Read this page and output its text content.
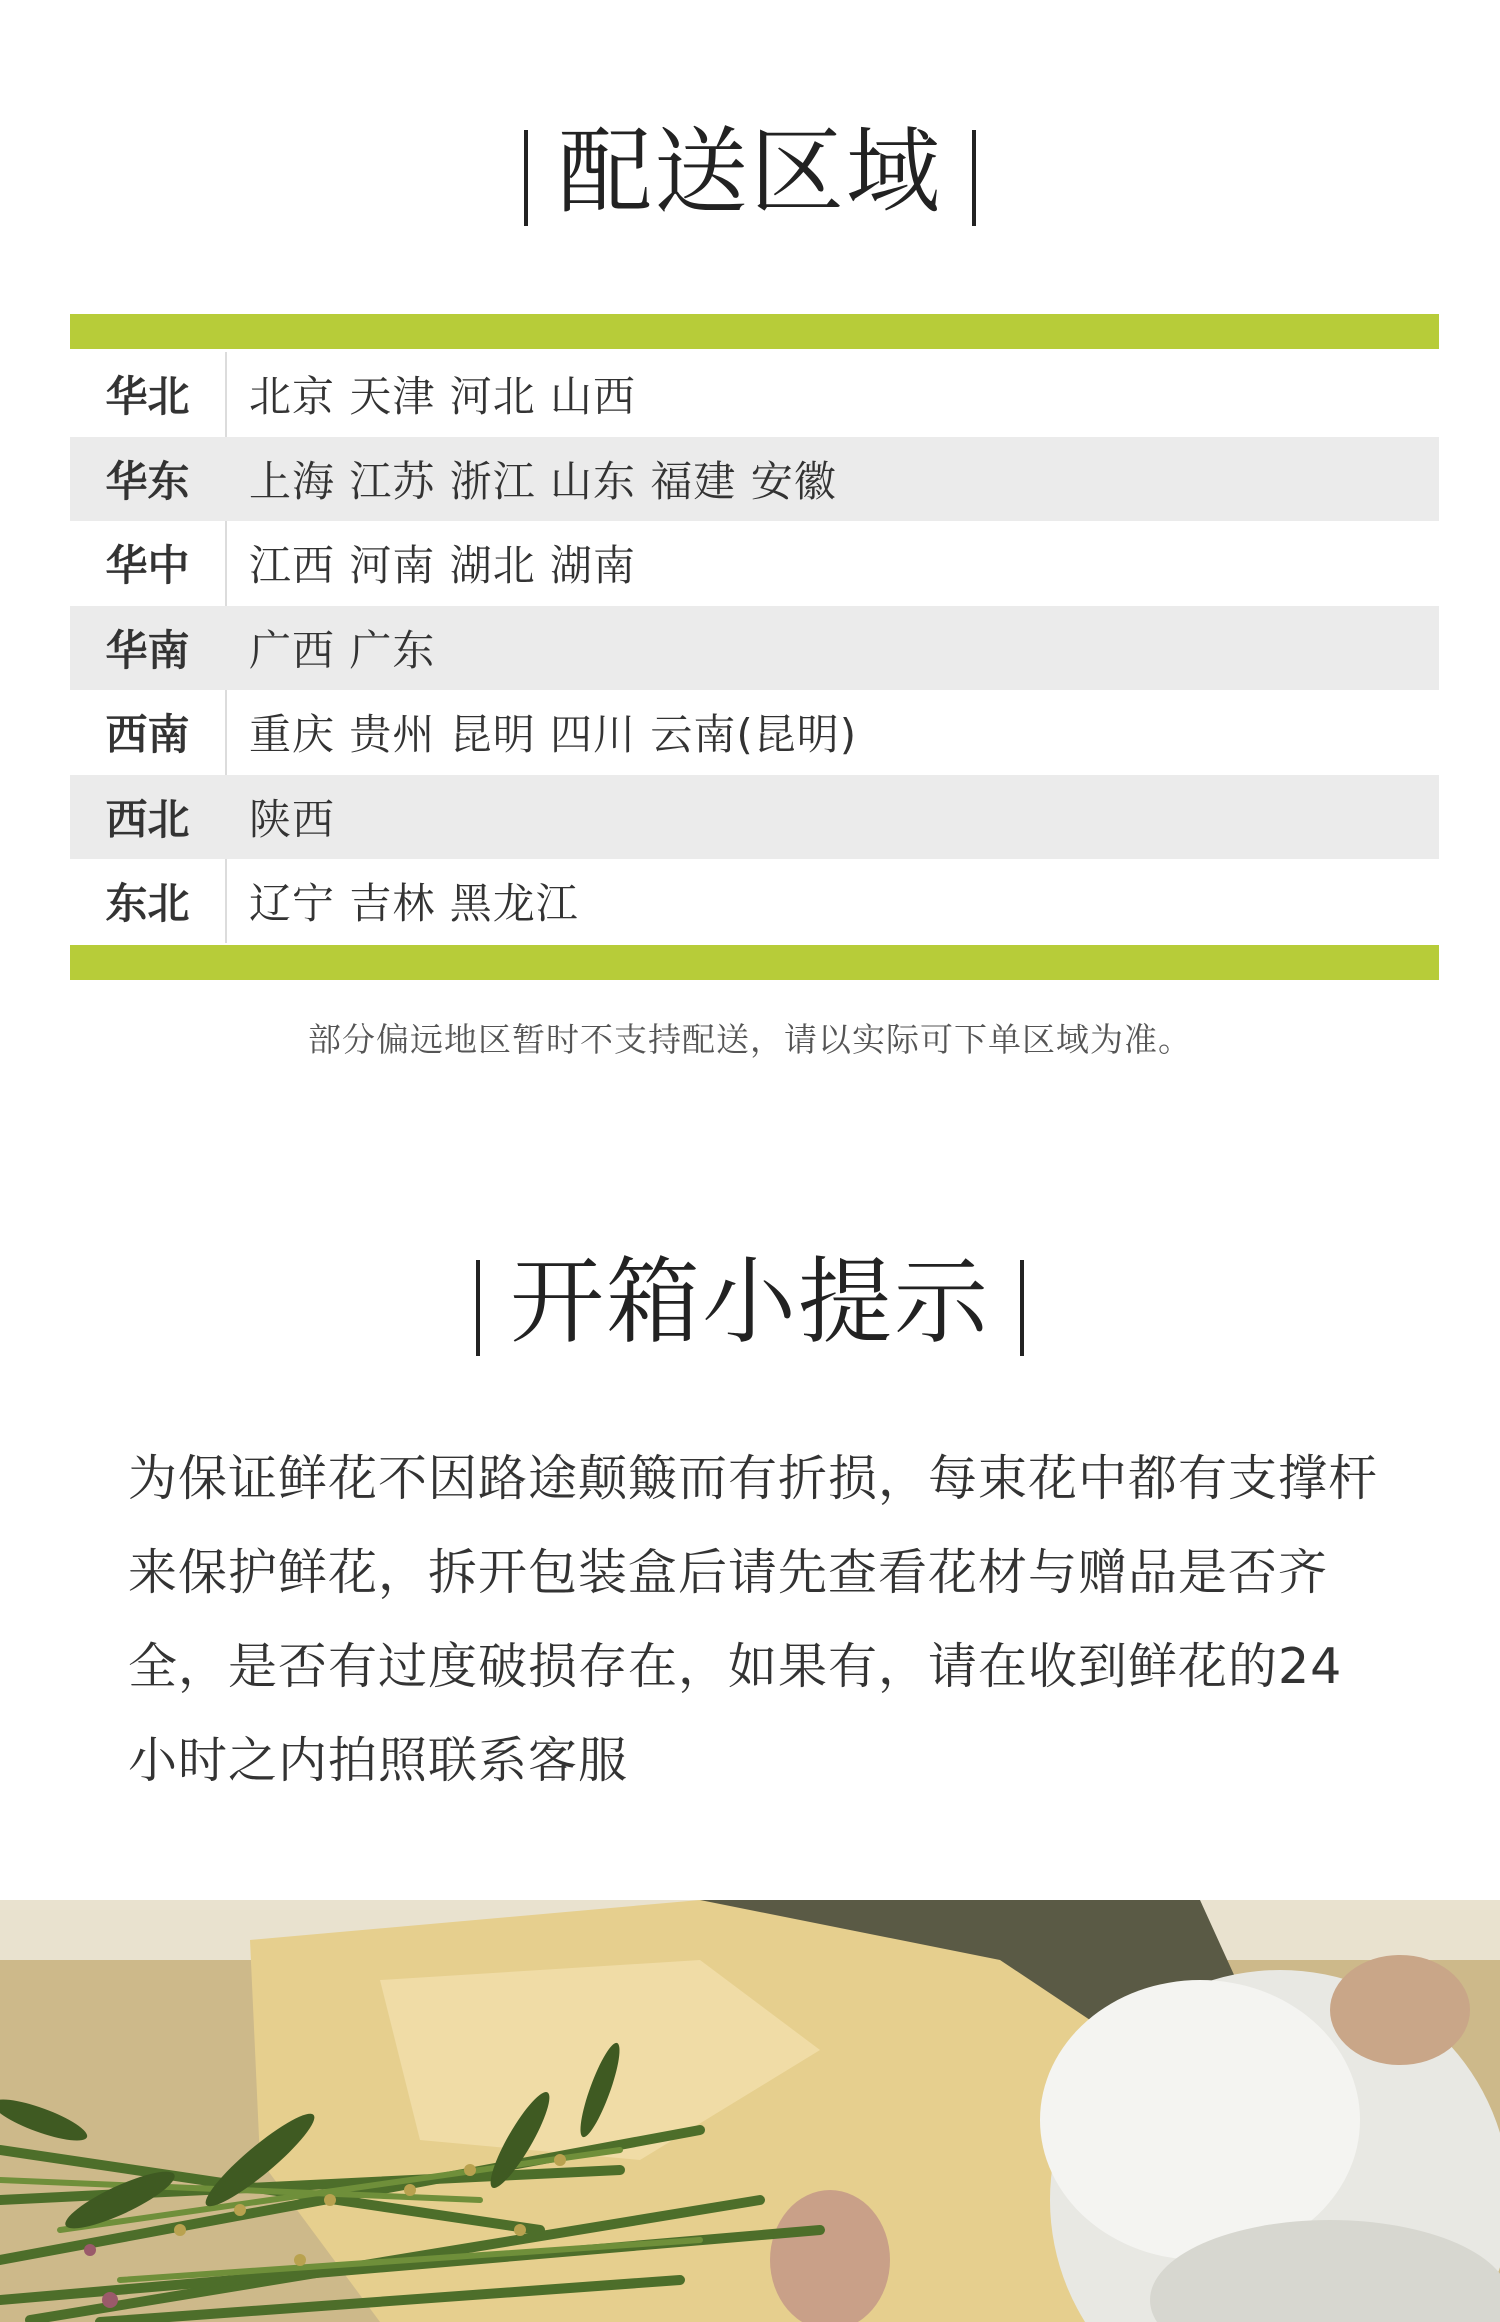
配送区域
华北	北京 天津 河北 山西
华东	上海 江苏 浙江 山东 福建 安徽
华中	江西 河南 湖北 湖南
华南	广西 广东
西南	重庆 贵州 昆明 四川 云南(昆明)
西北	陕西
东北	辽宁 吉林 黑龙江
部分偏远地区暂时不支持配送，请以实际可下单区域为准。
开箱小提示
为保证鲜花不因路途颠簸而有折损，每束花中都有支撑杆来保护鲜花，拆开包装盒后请先查看花材与赠品是否齐全，是否有过度破损存在，如果有，请在收到鲜花的24小时之内拍照联系客服
